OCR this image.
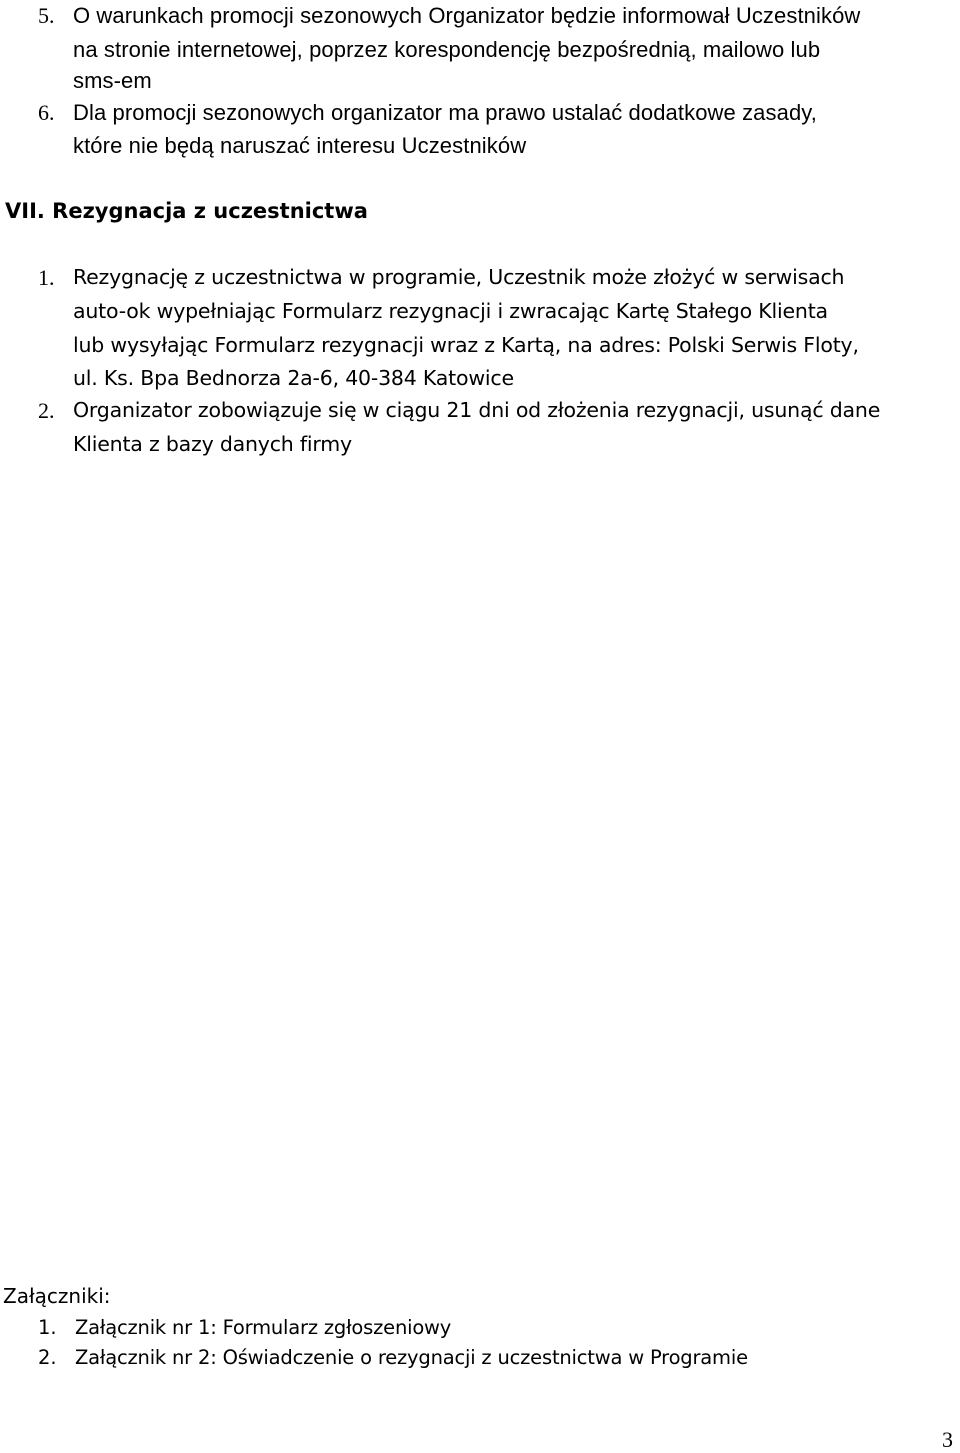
5. O warunkach promocji sezonowych Organizator będzie informował Uczestników
na stronie internetowej, poprzez korespondencję bezpośrednią, mailowo lub
sms-em
6. Dla promocji sezonowych organizator ma prawo ustalać dodatkowe zasady,
które nie będą naruszać interesu Uczestników
VII. Rezygnacja z uczestnictwa
1. Rezygnację z uczestnictwa w programie, Uczestnik może złożyć w serwisach
auto-ok wypełniając Formularz rezygnacji i zwracając Kartę Stałego Klienta
lub wysyłając Formularz rezygnacji wraz z Kartą, na adres: Polski Serwis Floty,
ul. Ks. Bpa Bednorza 2a-6, 40-384 Katowice
2. Organizator zobowiązuje się w ciągu 21 dni od złożenia rezygnacji, usunąć dane
Klienta z bazy danych firmy
Załączniki:
1. Załącznik nr 1: Formularz zgłoszeniowy
2. Załącznik nr 2: Oświadczenie o rezygnacji z uczestnictwa w Programie
3
